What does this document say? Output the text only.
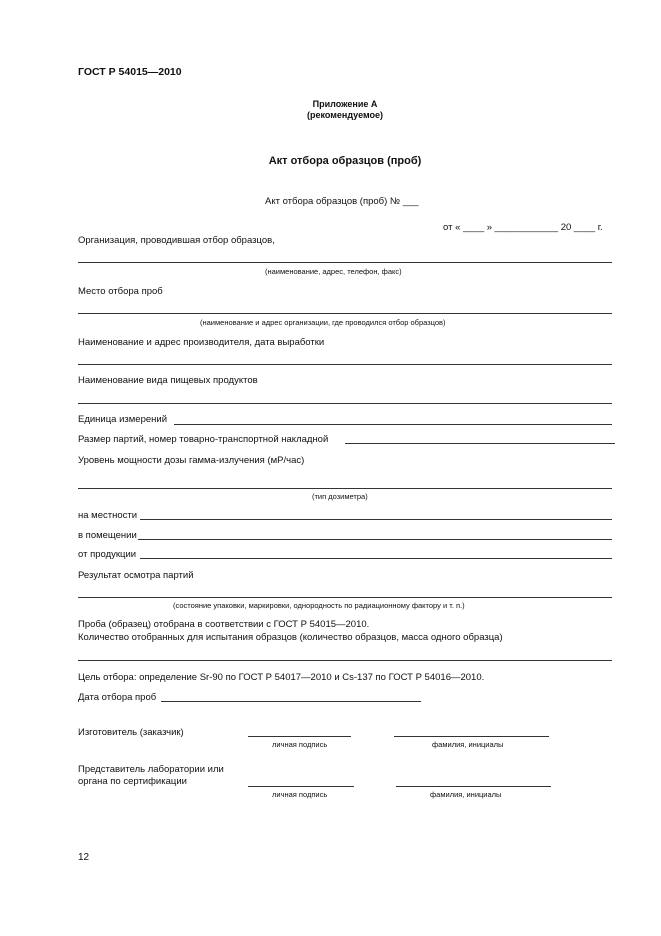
ГОСТ Р 54015—2010
Приложение А
(рекомендуемое)
Акт отбора образцов (проб)
Акт отбора образцов (проб) № ___
от « ____ » ____________ 20 ____ г.
Организация, проводившая отбор образцов,
(наименование, адрес, телефон, факс)
Место отбора проб
(наименование и адрес организации, где проводился отбор образцов)
Наименование и адрес производителя, дата выработки
Наименование вида пищевых продуктов
Единица измерений
Размер партий, номер товарно-транспортной накладной
Уровень мощности дозы гамма-излучения (мР/час)
(тип дозиметра)
на местности
в помещении
от продукции
Результат осмотра партий
(состояние упаковки, маркировки, однородность по радиационному фактору и т. п.)
Проба (образец) отобрана в соответствии с ГОСТ Р 54015—2010.
Количество отобранных для испытания образцов (количество образцов, масса одного образца)
Цель отбора: определение Sr-90 по ГОСТ Р 54017—2010 и Cs-137 по ГОСТ Р 54016—2010.
Дата отбора проб
Изготовитель (заказчик)
личная подпись	фамилия, инициалы
Представитель лаборатории или
органа по сертификации
личная подпись	фамилия, инициалы
12
